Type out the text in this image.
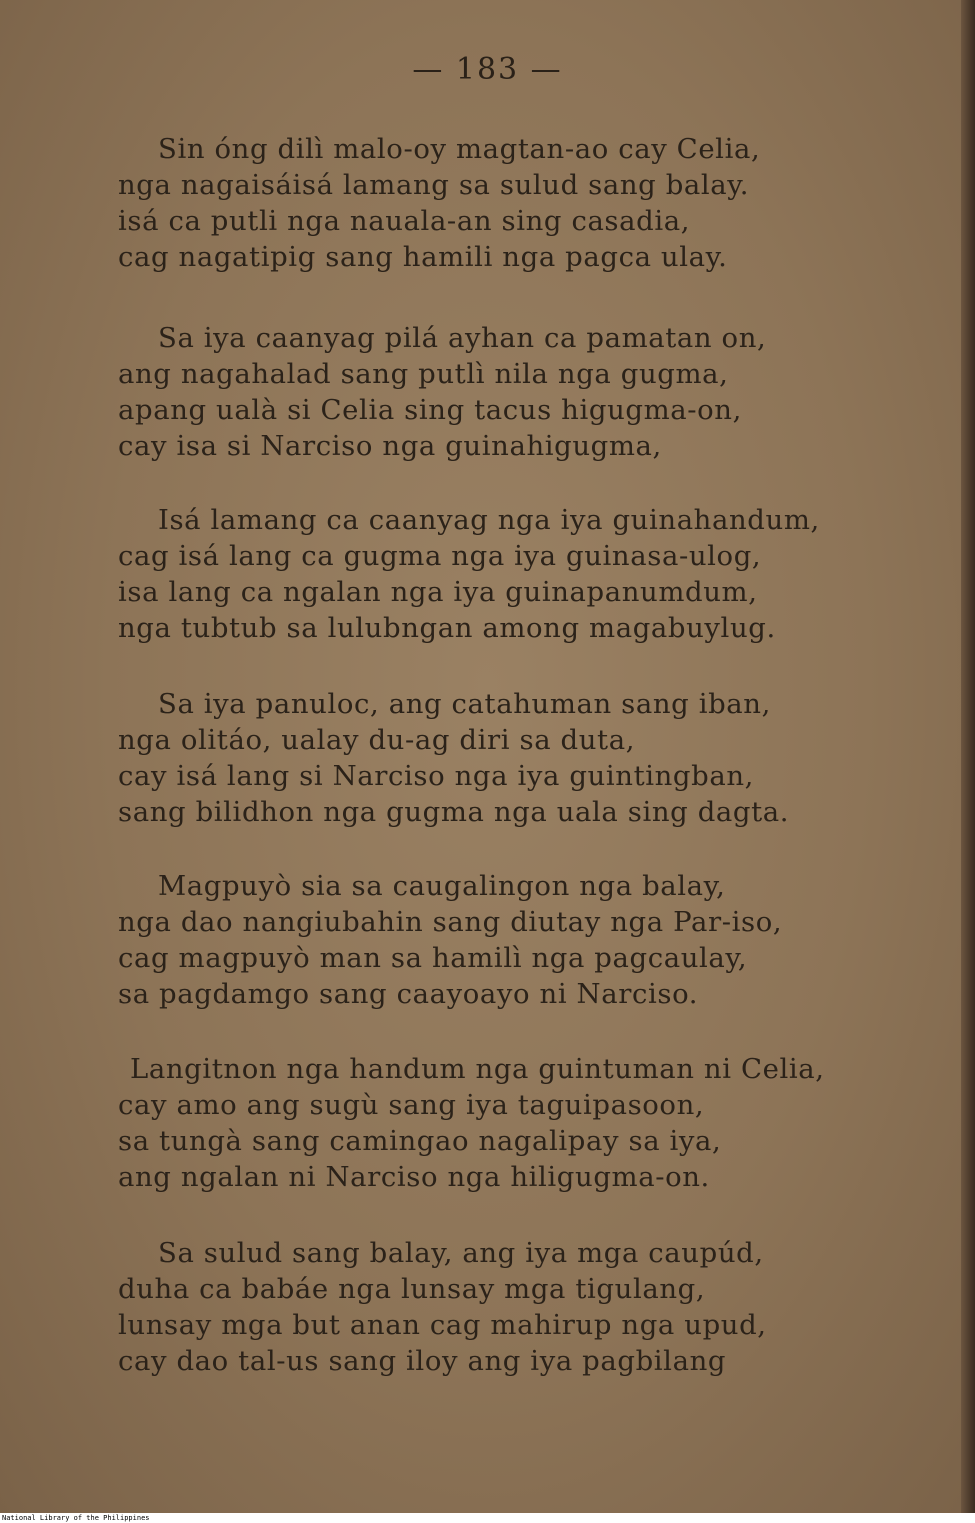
— 183 —
Sin óng dilì malo-oy magtan-ao cay Celia,
nga nagaisáisá lamang sa sulud sang balay.
isá ca putli nga nauala-an sing casadia,
cag nagatipig sang hamili nga pagca ulay.
Sa iya caanyag pilá ayhan ca pamatan on,
ang nagahalad sang putlì nila nga gugma,
apang ualà si Celia sing tacus higugma-on,
cay isa si Narciso nga guinahigugma,
Isá lamang ca caanyag nga iya guinahandum,
cag isá lang ca gugma nga iya guinasa-ulog,
isa lang ca ngalan nga iya guinapanumdum,
nga tubtub sa lulubngan among magabuylug.
Sa iya panuloc, ang catahuman sang iban,
nga olitáo, ualay du-ag diri sa duta,
cay isá lang si Narciso nga iya guintingban,
sang bilidhon nga gugma nga uala sing dagta.
Magpuyò sia sa caugalingon nga balay,
nga dao nangiubahin sang diutay nga Par-iso,
cag magpuyò man sa hamilì nga pagcaulay,
sa pagdamgo sang caayoayo ni Narciso.
Langitnon nga handum nga guintuman ni Celia,
cay amo ang sugù sang iya taguipasoon,
sa tungà sang camingao nagalipay sa iya,
ang ngalan ni Narciso nga hiligugma-on.
Sa sulud sang balay, ang iya mga caupúd,
duha ca babáe nga lunsay mga tigulang,
lunsay mga but anan cag mahirup nga upud,
cay dao tal-us sang iloy ang iya pagbilang
National Library of the Philippines
